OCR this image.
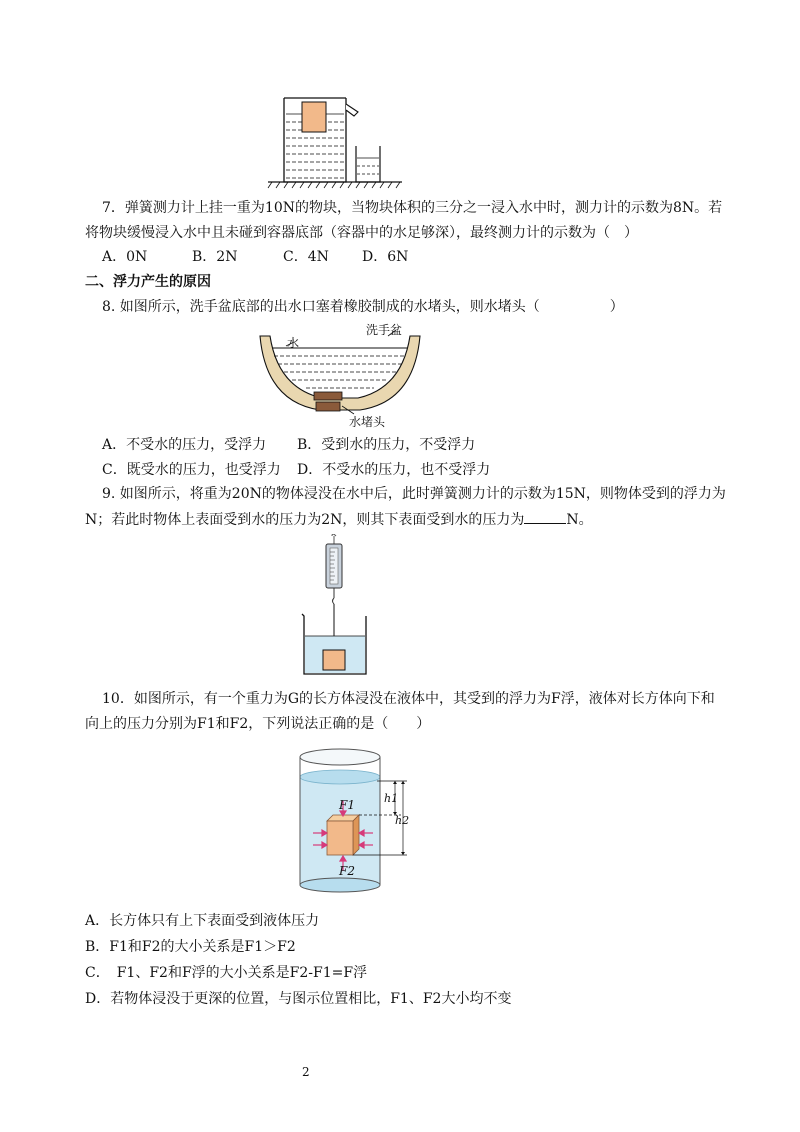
7．弹簧测力计上挂一重为10N的物块，当物块体积的三分之一浸入水中时，测力计的示数为8N。若
将物块缓慢浸入水中且未碰到容器底部（容器中的水足够深），最终测力计的示数为（　）
A．0N	B．2N	C．4N D．6N
二、浮力产生的原因
8. 如图所示，洗手盆底部的出水口塞着橡胶制成的水堵头，则水堵头（　　　　　）
水
洗手盆
水堵头
A．不受水的压力，受浮力 B．受到水的压力，不受浮力
C．既受水的压力，也受浮力 D．不受水的压力，也不受浮力
9. 如图所示，将重为20N的物体浸没在水中后，此时弹簧测力计的示数为15N，则物体受到的浮力为
N；若此时物体上表面受到水的压力为2N，则其下表面受到水的压力为	N。
10．如图所示，有一个重力为G的长方体浸没在液体中，其受到的浮力为F浮，液体对长方体向下和
向上的压力分别为F1和F2，下列说法正确的是（　　）
F1
F2
h1
h2
A．长方体只有上下表面受到液体压力
B．F1和F2的大小关系是F1＞F2
C．　F1、F2和F浮的大小关系是F2-F1=F浮
D．若物体浸没于更深的位置，与图示位置相比，F1、F2大小均不变
2
